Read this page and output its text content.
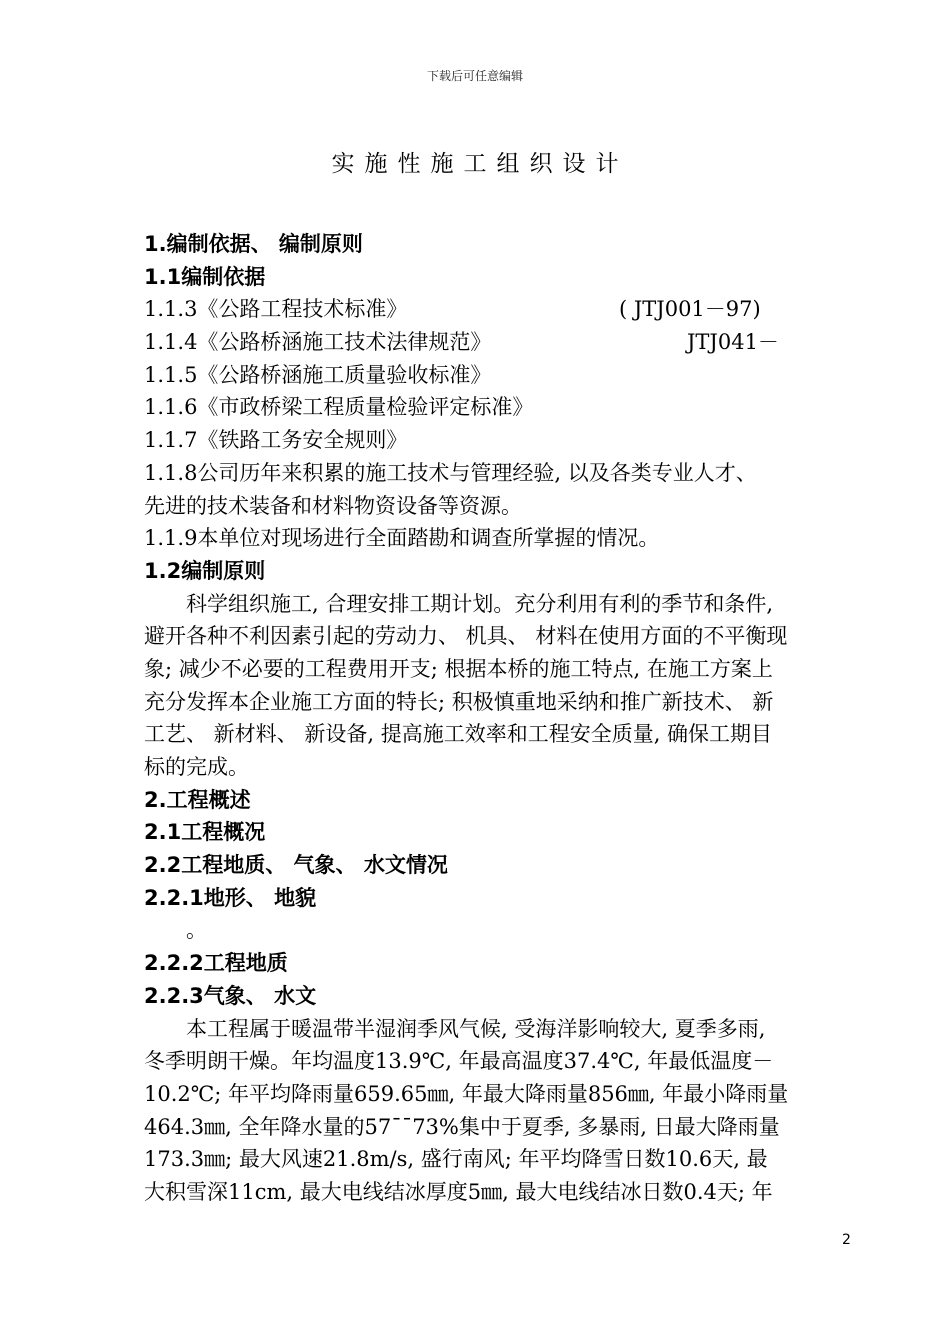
下载后可任意编辑
实施性施工组织设计
1.编制依据、 编制原则
1.1编制依据
1.1.3《公路工程技术标准》	( JTJ001－97)
1.1.4《公路桥涵施工技术法律规范》	JTJ041－
1.1.5《公路桥涵施工质量验收标准》
1.1.6《市政桥梁工程质量检验评定标准》
1.1.7《铁路工务安全规则》
1.1.8公司历年来积累的施工技术与管理经验, 以及各类专业人才、
先进的技术装备和材料物资设备等资源。
1.1.9本单位对现场进行全面踏勘和调查所掌握的情况。
1.2编制原则
科学组织施工, 合理安排工期计划。充分利用有利的季节和条件,
避开各种不利因素引起的劳动力、 机具、 材料在使用方面的不平衡现
象; 减少不必要的工程费用开支; 根据本桥的施工特点, 在施工方案上
充分发挥本企业施工方面的特长; 积极慎重地采纳和推广新技术、 新
工艺、 新材料、 新设备, 提高施工效率和工程安全质量, 确保工期目
标的完成。
2.工程概述
2.1工程概况
2.2工程地质、 气象、 水文情况
2.2.1地形、 地貌
。
2.2.2工程地质
2.2.3气象、 水文
本工程属于暖温带半湿润季风气候, 受海洋影响较大, 夏季多雨,
冬季明朗干燥。年均温度13.9℃, 年最高温度37.4℃, 年最低温度－
10.2℃; 年平均降雨量659.65㎜, 年最大降雨量856㎜, 年最小降雨量
464.3㎜, 全年降水量的57¯¯73%集中于夏季, 多暴雨, 日最大降雨量
173.3㎜; 最大风速21.8m/s, 盛行南风; 年平均降雪日数10.6天, 最
大积雪深11cm, 最大电线结冰厚度5㎜, 最大电线结冰日数0.4天; 年
2
